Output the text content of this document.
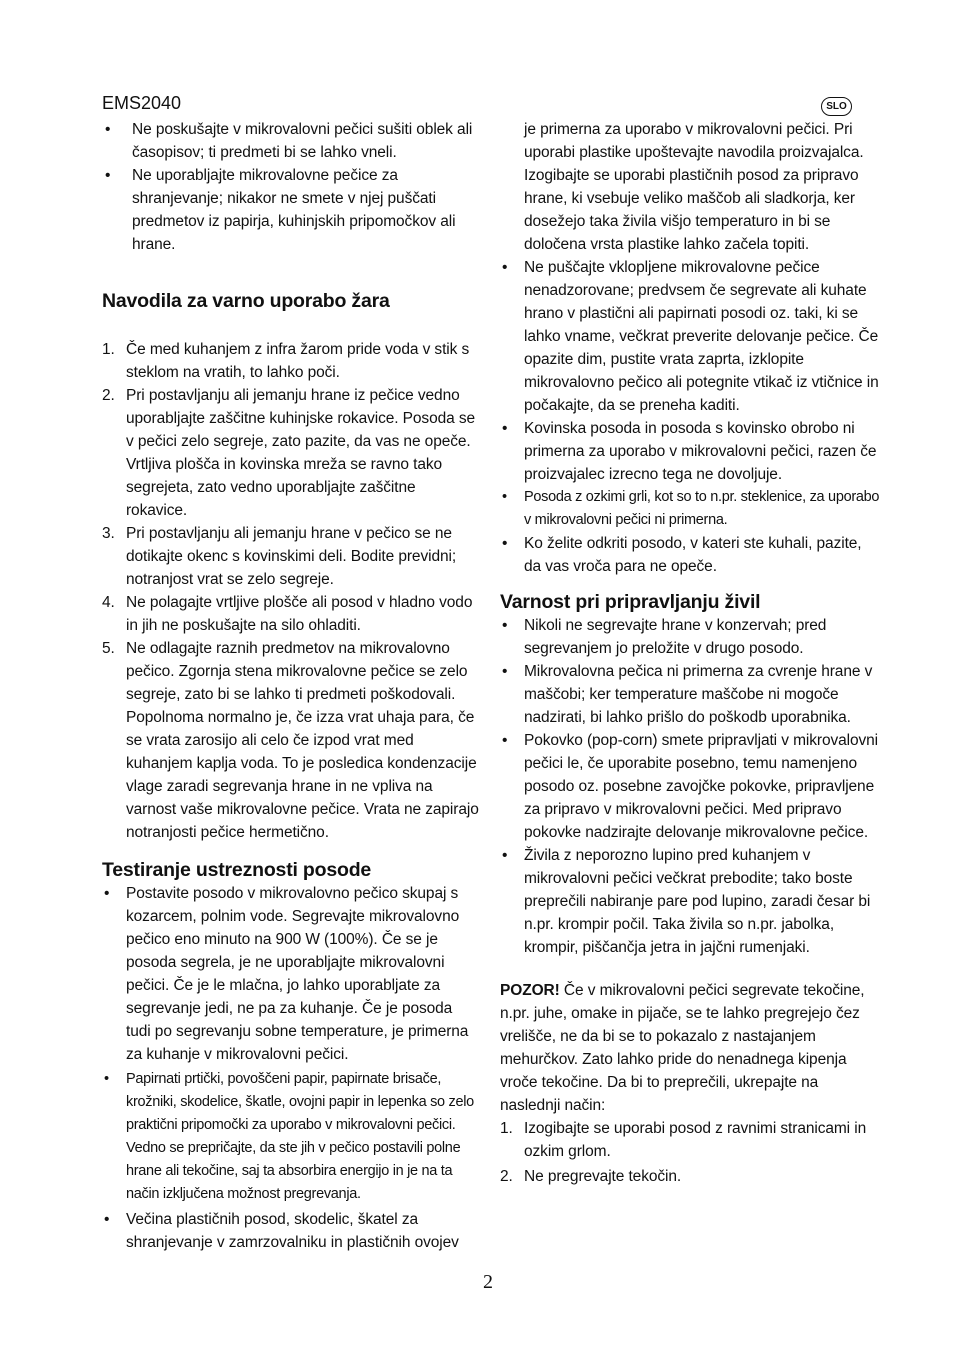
EMS2040	SLO
• Ne poskušajte v mikrovalovni pečici sušiti oblek ali časopisov; ti predmeti bi se lahko vneli.
• Ne uporabljajte mikrovalovne pečice za shranjevanje; nikakor ne smete v njej puščati predmetov iz papirja, kuhinjskih pripomočkov ali hrane.
Navodila za varno uporabo žara
1. Če med kuhanjem z infra žarom pride voda v stik s steklom na vratih, to lahko poči.
2. Pri postavljanju ali jemanju hrane iz pečice vedno uporabljajte zaščitne kuhinjske rokavice. Posoda se v pečici zelo segreje, zato pazite, da vas ne opeče. Vrtljiva plošča in kovinska mreža se ravno tako segrejeta, zato vedno uporabljajte zaščitne rokavice.
3. Pri postavljanju ali jemanju hrane v pečico se ne dotikajte okenc s kovinskimi deli. Bodite previdni; notranjost vrat se zelo segreje.
4. Ne polagajte vrtljive plošče ali posod v hladno vodo in jih ne poskušajte na silo ohladiti.
5. Ne odlagajte raznih predmetov na mikrovalovno pečico. Zgornja stena mikrovalovne pečice se zelo segreje, zato bi se lahko ti predmeti poškodovali. Popolnoma normalno je, če izza vrat uhaja para, če se vrata zarosijo ali celo če izpod vrat med kuhanjem kaplja voda. To je posledica kondenzacije vlage zaradi segrevanja hrane in ne vpliva na varnost vaše mikrovalovne pečice. Vrata ne zapirajo notranjosti pečice hermetično.
Testiranje ustreznosti posode
• Postavite posodo v mikrovalovno pečico skupaj s kozarcem, polnim vode. Segrevajte mikrovalovno pečico eno minuto na 900 W (100%). Če se je posoda segrela, je ne uporabljajte mikrovalovni pečici. Če je le mlačna, jo lahko uporabljate za segrevanje jedi, ne pa za kuhanje. Če je posoda tudi po segrevanju sobne temperature, je primerna za kuhanje v mikrovalovni pečici.
• Papirnati prtički, povoščeni papir, papirnate brisače, krožniki, skodelice, škatle, ovojni papir in lepenka so zelo praktični pripomočki za uporabo v mikrovalovni pečici. Vedno se prepričajte, da ste jih v pečico postavili polne hrane ali tekočine, saj ta absorbira energijo in je na ta način izključena možnost pregrevanja.
• Večina plastičnih posod, skodelic, škatel za shranjevanje v zamrzovalniku in plastičnih ovojev

je primerna za uporabo v mikrovalovni pečici. Pri uporabi plastike upoštevajte navodila proizvajalca. Izogibajte se uporabi plastičnih posod za pripravo hrane, ki vsebuje veliko maščob ali sladkorja, ker dosežejo taka živila višjo temperaturo in bi se določena vrsta plastike lahko začela topiti.

• Ne puščajte vklopljene mikrovalovne pečice nenadzorovane; predvsem če segrevate ali kuhate hrano v plastični ali papirnati posodi oz. taki, ki se lahko vname, večkrat preverite delovanje pečice. Če opazite dim, pustite vrata zaprta, izklopite mikrovalovno pečico ali potegnite vtikač iz vtičnice in počakajte, da se preneha kaditi.
• Kovinska posoda in posoda s kovinsko obrobo ni primerna za uporabo v mikrovalovni pečici, razen če proizvajalec izrecno tega ne dovoljuje.
• Posoda z ozkimi grli, kot so to n.pr. steklenice, za uporabo v mikrovalovni pečici ni primerna.
• Ko želite odkriti posodo, v kateri ste kuhali, pazite, da vas vroča para ne opeče.
Varnost pri pripravljanju živil
• Nikoli ne segrevajte hrane v konzervah; pred segrevanjem jo preložite v drugo posodo.
• Mikrovalovna pečica ni primerna za cvrenje hrane v maščobi; ker temperature maščobe ni mogoče nadzirati, bi lahko prišlo do poškodb uporabnika.
• Pokovko (pop-corn) smete pripravljati v mikrovalovni pečici le, če uporabite posebno, temu namenjeno posodo oz. posebne zavojčke pokovke, pripravljene za pripravo v mikrovalovni pečici. Med pripravo pokovke nadzirajte delovanje mikrovalovne pečice.
• Živila z neporozno lupino pred kuhanjem v mikrovalovni pečici večkrat prebodite; tako boste preprečili nabiranje pare pod lupino, zaradi česar bi n.pr. krompir počil. Taka živila so n.pr. jabolka, krompir, piščančja jetra in jajčni rumenjaki.

POZOR! Če v mikrovalovni pečici segrevate tekočine, n.pr. juhe, omake in pijače, se te lahko pregrejejo čez vrelišče, ne da bi se to pokazalo z nastajanjem mehurčkov. Zato lahko pride do nenadnega kipenja vroče tekočine. Da bi to preprečili, ukrepajte na naslednji način:

1. Izogibajte se uporabi posod z ravnimi stranicami in ozkim grlom.
2. Ne pregrevajte tekočin.
2
